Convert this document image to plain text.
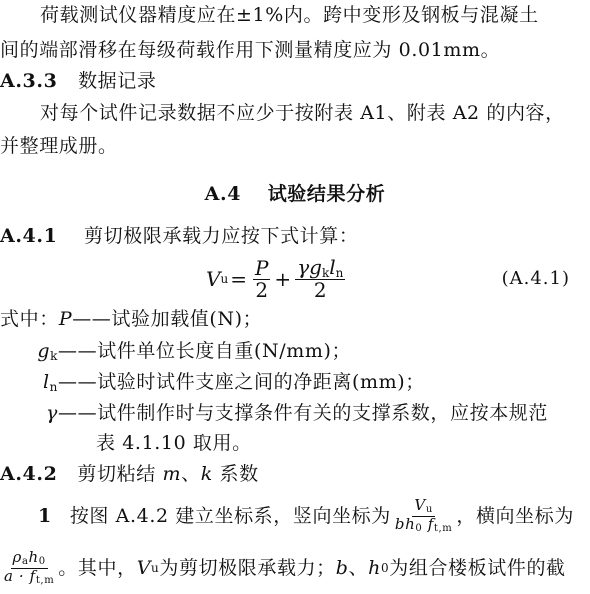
荷载测试仪器精度应在±1%内。跨中变形及钢板与混凝土
间的端部滑移在每级荷载作用下测量精度应为 0.01mm。
A.3.3 数据记录
对每个试件记录数据不应少于按附表 A1、附表 A2 的内容，
并整理成册。
A.4 试验结果分析
A.4.1 剪切极限承载力应按下式计算：
V $u = \frac{P}{2} + \frac{\gamma g_kl_n}{2}$	(A.4.1)
式中：P——试验加载值(N)；
$g_k——$试件单位长度自重(N/mm)；
$l_n——$试验时试件支座之间的净距离(mm)；
γ——试件制作时与支撑条件有关的支撑系数，应按本规范
表 4.1.10 取用。
A.4.2 剪切粘结 m、k 系数
1 按图 A.4.2 建立坐标系，竖向坐标为 $\frac{Vu}{bh0 ft,m}$ ，横向坐标为
$\frac{\text{ρah0}}{a \cdot ft,m}$ 。其中， V u 为剪切极限承载力； b 、 h 0 为组合楼板试件的截
